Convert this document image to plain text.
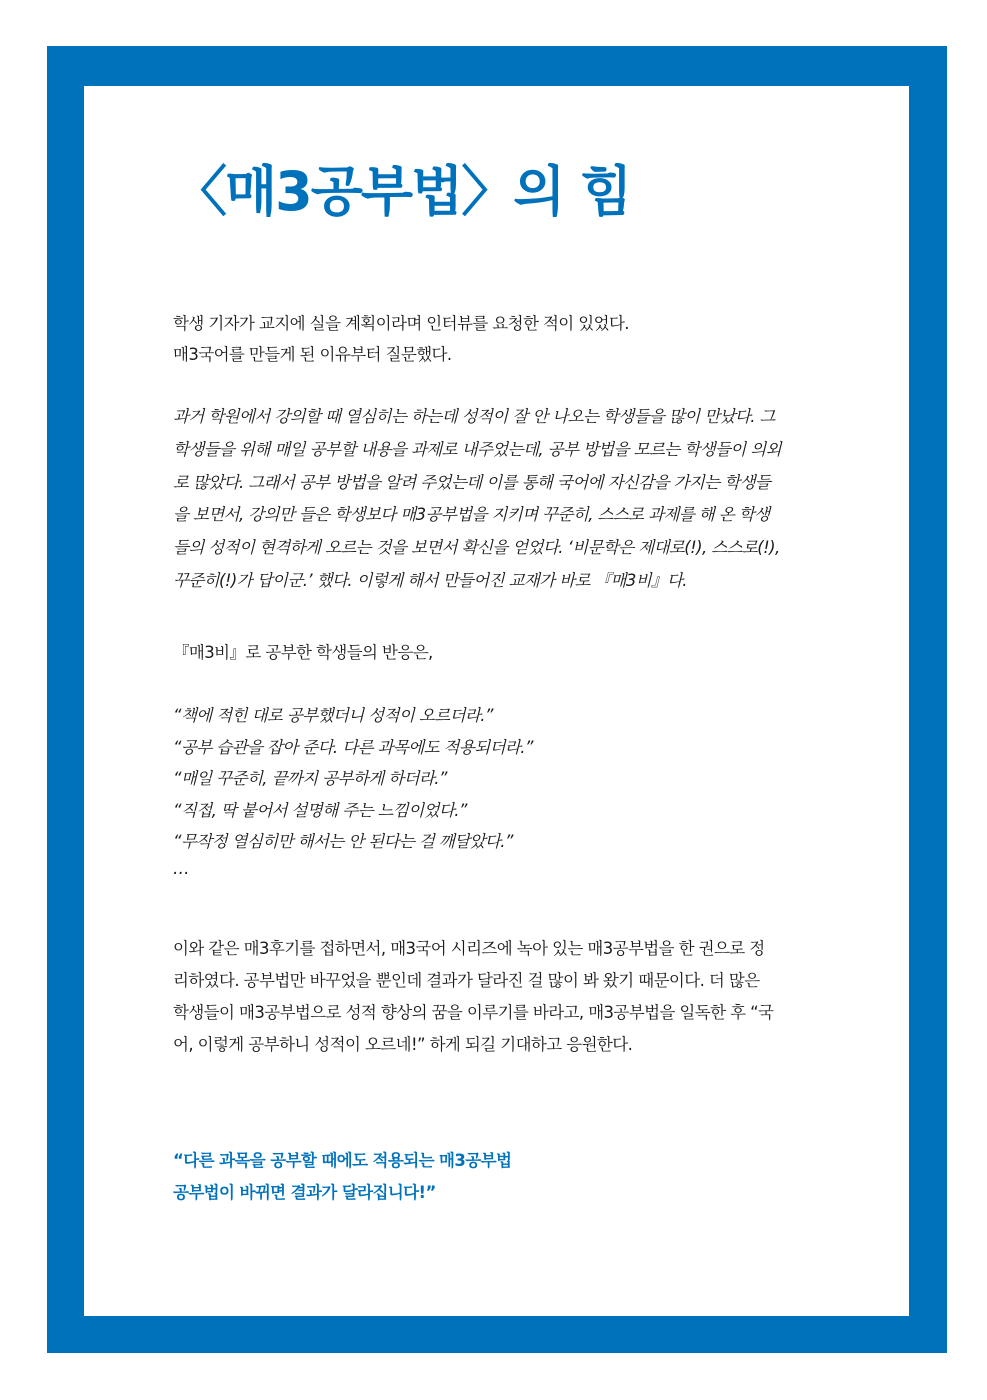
〈매3공부법〉의 힘

학생 기자가 교지에 실을 계획이라며 인터뷰를 요청한 적이 있었다.

매3국어를 만들게 된 이유부터 질문했다.

과거 학원에서 강의할 때 열심히는 하는데 성적이 잘 안 나오는 학생들을 많이 만났다. 그

학생들을 위해 매일 공부할 내용을 과제로 내주었는데, 공부 방법을 모르는 학생들이 의외

로 많았다. 그래서 공부 방법을 알려 주었는데 이를 통해 국어에 자신감을 가지는 학생들

을 보면서, 강의만 들은 학생보다 매3공부법을 지키며 꾸준히, 스스로 과제를 해 온 학생

들의 성적이 현격하게 오르는 것을 보면서 확신을 얻었다. ‘비문학은 제대로(!), 스스로(!),

꾸준히(!)가 답이군.’ 했다. 이렇게 해서 만들어진 교재가 바로 『매3비』다.

『매3비』로 공부한 학생들의 반응은,

“책에 적힌 대로 공부했더니 성적이 오르더라.”

“공부 습관을 잡아 준다. 다른 과목에도 적용되더라.”

“매일 꾸준히, 끝까지 공부하게 하더라.”

“직접, 딱 붙어서 설명해 주는 느낌이었다.”

“무작정 열심히만 해서는 안 된다는 걸 깨달았다.”

…

이와 같은 매3후기를 접하면서, 매3국어 시리즈에 녹아 있는 매3공부법을 한 권으로 정

리하였다. 공부법만 바꾸었을 뿐인데 결과가 달라진 걸 많이 봐 왔기 때문이다. 더 많은

학생들이 매3공부법으로 성적 향상의 꿈을 이루기를 바라고, 매3공부법을 일독한 후 “국

어, 이렇게 공부하니 성적이 오르네!” 하게 되길 기대하고 응원한다.

“다른 과목을 공부할 때에도 적용되는 매3공부법

공부법이 바뀌면 결과가 달라집니다!”
